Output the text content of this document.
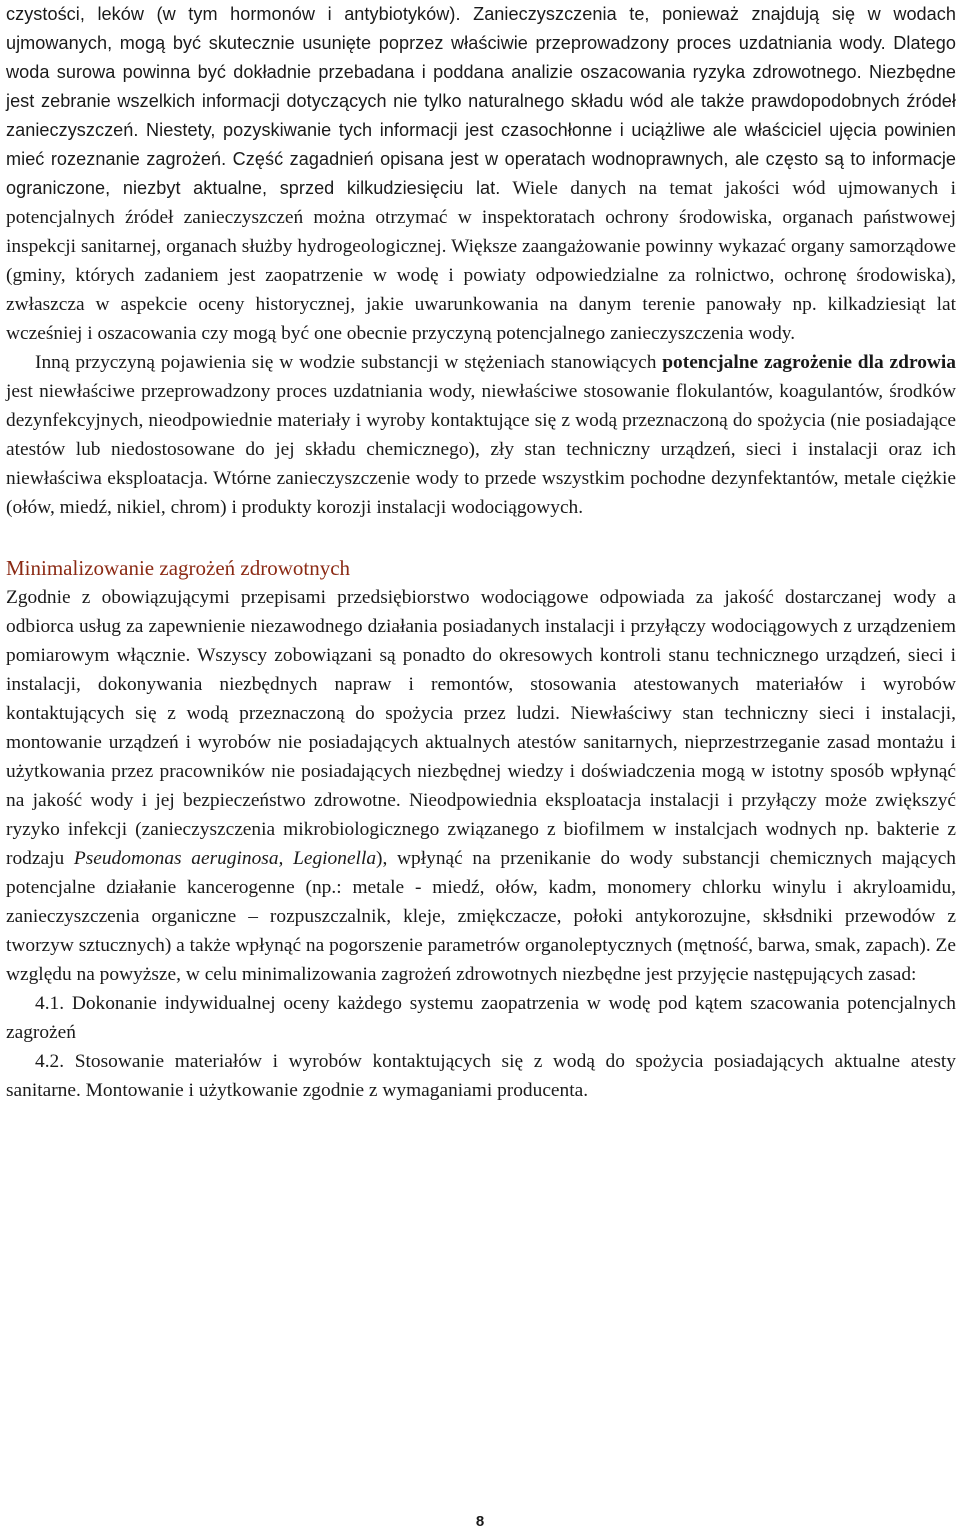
czystości, leków (w tym hormonów i antybiotyków). Zanieczyszczenia te, ponieważ znajdują się w wodach ujmowanych, mogą być skutecznie usunięte poprzez właściwie przeprowadzony proces uzdatniania wody. Dlatego woda surowa powinna być dokładnie przebadana i poddana analizie oszacowania ryzyka zdrowotnego. Niezbędne jest zebranie wszelkich informacji dotyczących nie tylko naturalnego składu wód ale także prawdopodobnych źródeł zanieczyszczeń. Niestety, pozyskiwanie tych informacji jest czasochłonne i uciążliwe ale właściciel ujęcia powinien mieć rozeznanie zagrożeń. Część zagadnień opisana jest w operatach wodnoprawnych, ale często są to informacje ograniczone, niezbyt aktualne, sprzed kilkudziesięciu lat. Wiele danych na temat jakości wód ujmowanych i potencjalnych źródeł zanieczyszczeń można otrzymać w inspektoratach ochrony środowiska, organach państwowej inspekcji sanitarnej, organach służby hydrogeologicznej. Większe zaangażowanie powinny wykazać organy samorządowe (gminy, których zadaniem jest zaopatrzenie w wodę i powiaty odpowiedzialne za rolnictwo, ochronę środowiska), zwłaszcza w aspekcie oceny historycznej, jakie uwarunkowania na danym terenie panowały np. kilkadziesiąt lat wcześniej i oszacowania czy mogą być one obecnie przyczyną potencjalnego zanieczyszczenia wody.

Inną przyczyną pojawienia się w wodzie substancji w stężeniach stanowiących potencjalne zagrożenie dla zdrowia jest niewłaściwe przeprowadzony proces uzdatniania wody, niewłaściwe stosowanie flokulantów, koagulantów, środków dezynfekcyjnych, nieodpowiednie materiały i wyroby kontaktujące się z wodą przeznaczoną do spożycia (nie posiadające atestów lub niedostosowane do jej składu chemicznego), zły stan techniczny urządzeń, sieci i instalacji oraz ich niewłaściwa eksploatacja. Wtórne zanieczyszczenie wody to przede wszystkim pochodne dezynfektantów, metale ciężkie (ołów, miedź, nikiel, chrom) i produkty korozji instalacji wodociągowych.

Minimalizowanie zagrożeń zdrowotnych

Zgodnie z obowiązującymi przepisami przedsiębiorstwo wodociągowe odpowiada za jakość dostarczanej wody a odbiorca usług za zapewnienie niezawodnego działania posiadanych instalacji i przyłączy wodociągowych z urządzeniem pomiarowym włącznie. Wszyscy zobowiązani są ponadto do okresowych kontroli stanu technicznego urządzeń, sieci i instalacji, dokonywania niezbędnych napraw i remontów, stosowania atestowanych materiałów i wyrobów kontaktujących się z wodą przeznaczoną do spożycia przez ludzi. Niewłaściwy stan techniczny sieci i instalacji, montowanie urządzeń i wyrobów nie posiadających aktualnych atestów sanitarnych, nieprzestrzeganie zasad montażu i użytkowania przez pracowników nie posiadających niezbędnej wiedzy i doświadczenia mogą w istotny sposób wpłynąć na jakość wody i jej bezpieczeństwo zdrowotne. Nieodpowiednia eksploatacja instalacji i przyłączy może zwiększyć ryzyko infekcji (zanieczyszczenia mikrobiologicznego związanego z biofilmem w instalcjach wodnych np. bakterie z rodzaju Pseudomonas aeruginosa, Legionella), wpłynąć na przenikanie do wody substancji chemicznych mających potencjalne działanie kancerogenne (np.: metale - miedź, ołów, kadm, monomery chlorku winylu i akryloamidu, zanieczyszczenia organiczne – rozpuszczalnik, kleje, zmiękczacze, połoki antykorozujne, skłsdniki przewodów z tworzyw sztucznych) a także wpłynąć na pogorszenie parametrów organoleptycznych (mętność, barwa, smak, zapach). Ze względu na powyższe, w celu minimalizowania zagrożeń zdrowotnych niezbędne jest przyjęcie następujących zasad:

4.1. Dokonanie indywidualnej oceny każdego systemu zaopatrzenia w wodę pod kątem szacowania potencjalnych zagrożeń

4.2. Stosowanie materiałów i wyrobów kontaktujących się z wodą do spożycia posiadających aktualne atesty sanitarne. Montowanie i użytkowanie zgodnie z wymaganiami producenta.

8
